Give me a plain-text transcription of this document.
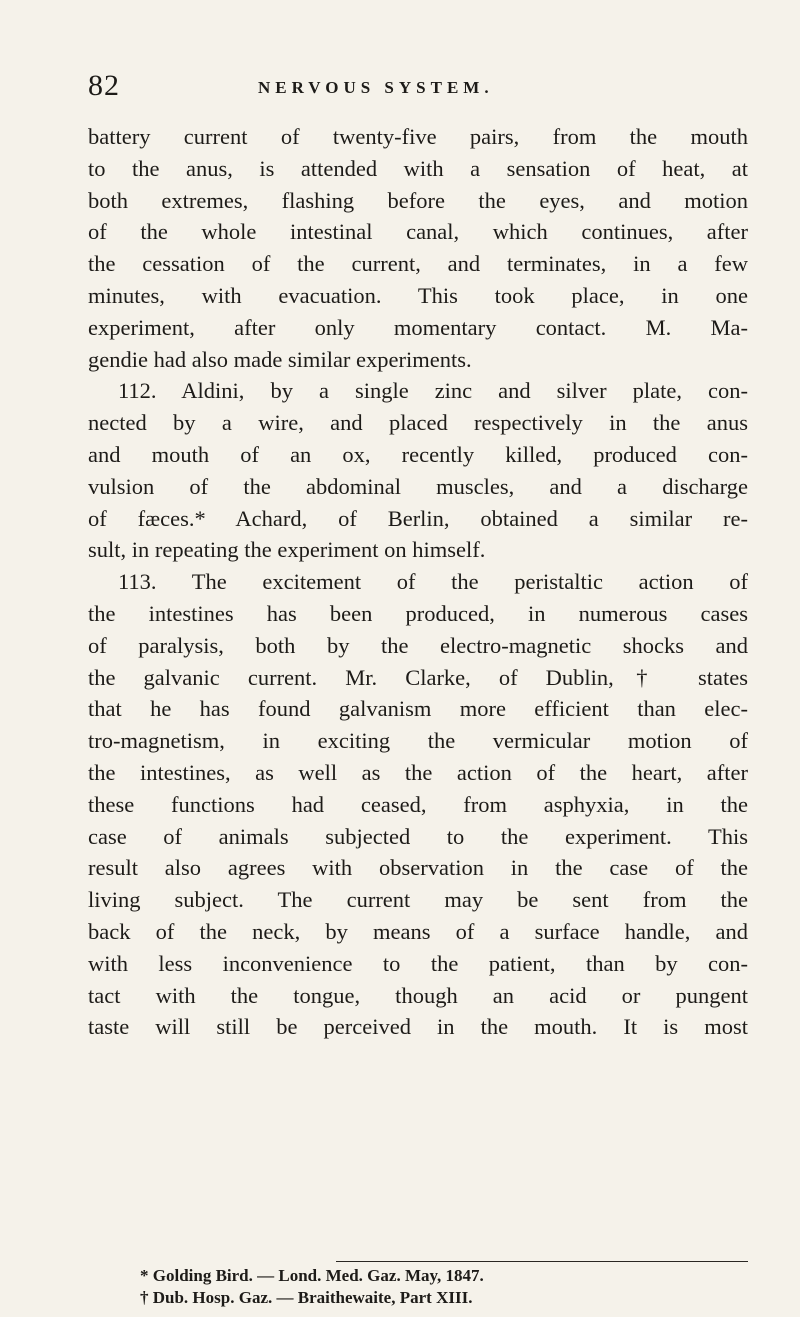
82	NERVOUS SYSTEM.
battery current of twenty-five pairs, from the mouth
to the anus, is attended with a sensation of heat, at
both extremes, flashing before the eyes, and motion
of the whole intestinal canal, which continues, after
the cessation of the current, and terminates, in a few
minutes, with evacuation. This took place, in one
experiment, after only momentary contact. M. Ma-
gendie had also made similar experiments.
112. Aldini, by a single zinc and silver plate, con-
nected by a wire, and placed respectively in the anus
and mouth of an ox, recently killed, produced con-
vulsion of the abdominal muscles, and a discharge
of fæces.* Achard, of Berlin, obtained a similar re-
sult, in repeating the experiment on himself.
113. The excitement of the peristaltic action of
the intestines has been produced, in numerous cases
of paralysis, both by the electro-magnetic shocks and
the galvanic current. Mr. Clarke, of Dublin,† states
that he has found galvanism more efficient than elec-
tro-magnetism, in exciting the vermicular motion of
the intestines, as well as the action of the heart, after
these functions had ceased, from asphyxia, in the
case of animals subjected to the experiment. This
result also agrees with observation in the case of the
living subject. The current may be sent from the
back of the neck, by means of a surface handle, and
with less inconvenience to the patient, than by con-
tact with the tongue, though an acid or pungent
taste will still be perceived in the mouth. It is most
* Golding Bird. — Lond. Med. Gaz. May, 1847.
† Dub. Hosp. Gaz. — Braithewaite, Part XIII.
